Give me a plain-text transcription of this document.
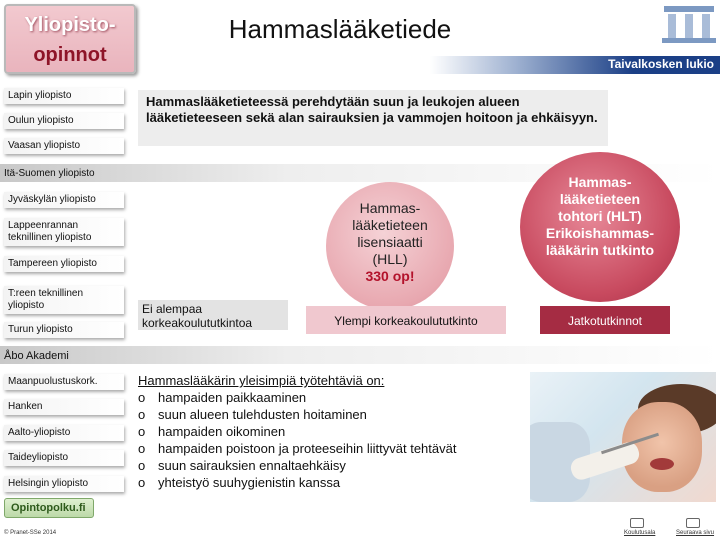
Yliopisto-
opinnot
Hammaslääketiede
Taivalkosken lukio
Lapin yliopisto
Oulun yliopisto
Vaasan yliopisto
Itä-Suomen yliopisto
Jyväskylän yliopisto
Lappeenrannan teknillinen yliopisto
Tampereen yliopisto
T:reen teknillinen yliopisto
Turun yliopisto
Åbo Akademi
Maanpuolustuskork.
Hanken
Aalto-yliopisto
Taideyliopisto
Helsingin yliopisto
Hammaslääketieteessä perehdytään suun ja leukojen alueen lääketieteeseen sekä alan sairauksien ja vammojen hoitoon ja ehkäisyyn.
Hammas-lääketieteen lisensiaatti (HLL)
330 op!
Hammas-lääketieteen tohtori (HLT) Erikoishammas-lääkärin tutkinto
Ei alempaa korkeakoulututkintoa	Ylempi korkeakoulututkinto	Jatkotutkinnot
Hammaslääkärin yleisimpiä työtehtäviä on:
o hampaiden paikkaaminen
o suun alueen tulehdusten hoitaminen
o hampaiden oikominen
o hampaiden poistoon ja proteeseihin liittyvät tehtävät
o suun sairauksien ennaltaehkäisy
o yhteistyö suuhygienistin kanssa
Opintopolku.fi
© Pranet-SSe 2014	Koulutusala	Seuraava sivu
